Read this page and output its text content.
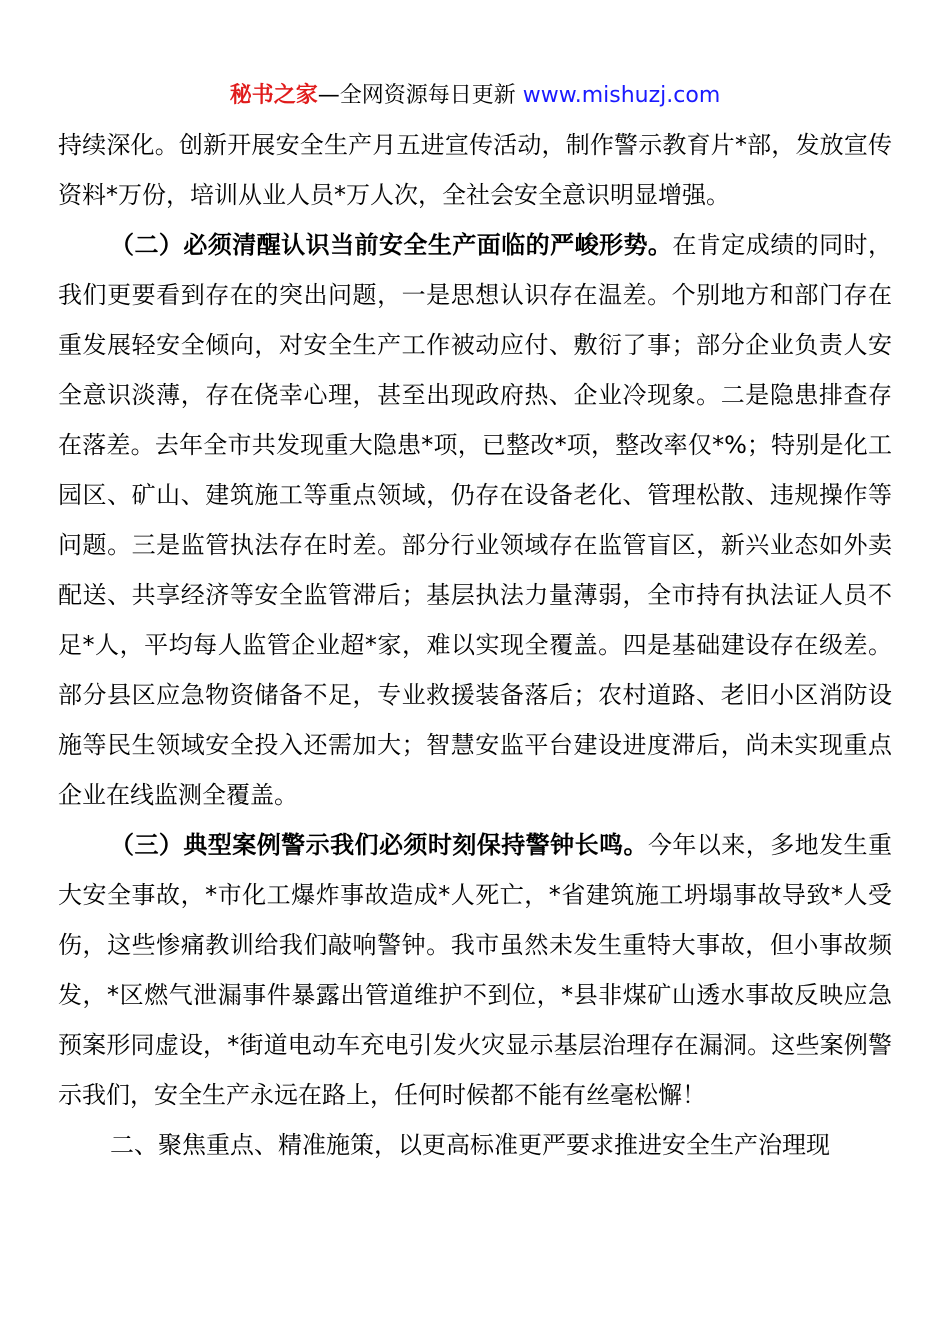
秘书之家—全网资源每日更新 www.mishuzj.com

持续深化。创新开展安全生产月五进宣传活动，制作警示教育片*部，发放宣传资料*万份，培训从业人员*万人次，全社会安全意识明显增强。

（二）必须清醒认识当前安全生产面临的严峻形势。在肯定成绩的同时，我们更要看到存在的突出问题，一是思想认识存在温差。个别地方和部门存在重发展轻安全倾向，对安全生产工作被动应付、敷衍了事；部分企业负责人安全意识淡薄，存在侥幸心理，甚至出现政府热、企业冷现象。二是隐患排查存在落差。去年全市共发现重大隐患*项，已整改*项，整改率仅*%；特别是化工园区、矿山、建筑施工等重点领域，仍存在设备老化、管理松散、违规操作等问题。三是监管执法存在时差。部分行业领域存在监管盲区，新兴业态如外卖配送、共享经济等安全监管滞后；基层执法力量薄弱，全市持有执法证人员不足*人，平均每人监管企业超*家，难以实现全覆盖。四是基础建设存在级差。部分县区应急物资储备不足，专业救援装备落后；农村道路、老旧小区消防设施等民生领域安全投入还需加大；智慧安监平台建设进度滞后，尚未实现重点企业在线监测全覆盖。

（三）典型案例警示我们必须时刻保持警钟长鸣。今年以来，多地发生重大安全事故，*市化工爆炸事故造成*人死亡，*省建筑施工坍塌事故导致*人受伤，这些惨痛教训给我们敲响警钟。我市虽然未发生重特大事故，但小事故频发，*区燃气泄漏事件暴露出管道维护不到位，*县非煤矿山透水事故反映应急预案形同虚设，*街道电动车充电引发火灾显示基层治理存在漏洞。这些案例警示我们，安全生产永远在路上，任何时候都不能有丝毫松懈！

二、聚焦重点、精准施策，以更高标准更严要求推进安全生产治理现
